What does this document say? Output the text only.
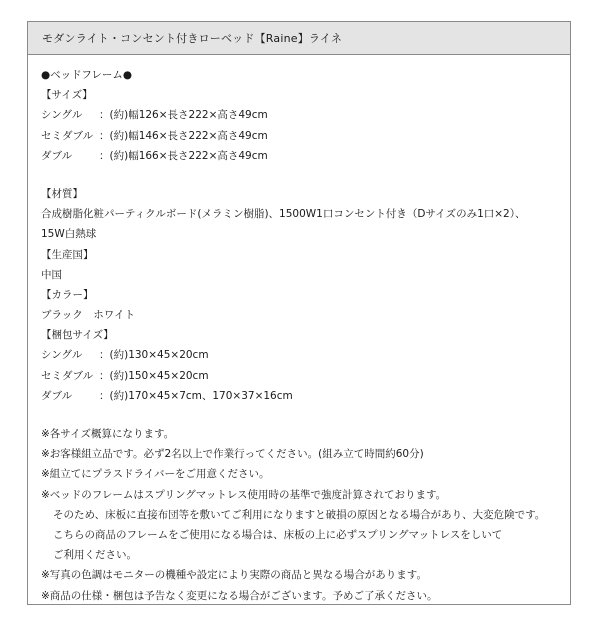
モダンライト・コンセント付きローベッド【Raine】ライネ
●ベッドフレーム●
【サイズ】
シングル	：(約)幅126×長さ222×高さ49cm
セミダブル ：(約)幅146×長さ222×高さ49cm
ダブル	：(約)幅166×長さ222×高さ49cm
【材質】
合成樹脂化粧パーティクルボード(メラミン樹脂)、1500W1口コンセント付き（Dサイズのみ1口×2）、
15W白熱球
【生産国】
中国
【カラー】
ブラック　ホワイト
【梱包サイズ】
シングル	：(約)130×45×20cm
セミダブル ：(約)150×45×20cm
ダブル	：(約)170×45×7cm、170×37×16cm
※各サイズ概算になります。
※お客様組立品です。必ず2名以上で作業行ってください。(組み立て時間約60分)
※組立てにプラスドライバーをご用意ください。
※ベッドのフレームはスプリングマットレス使用時の基準で強度計算されております。
そのため、床板に直接布団等を敷いてご利用になりますと破損の原因となる場合があり、大変危険です。
こちらの商品のフレームをご使用になる場合は、床板の上に必ずスプリングマットレスをしいて
ご利用ください。
※写真の色調はモニターの機種や設定により実際の商品と異なる場合があります。
※商品の仕様・梱包は予告なく変更になる場合がございます。予めご了承ください。
